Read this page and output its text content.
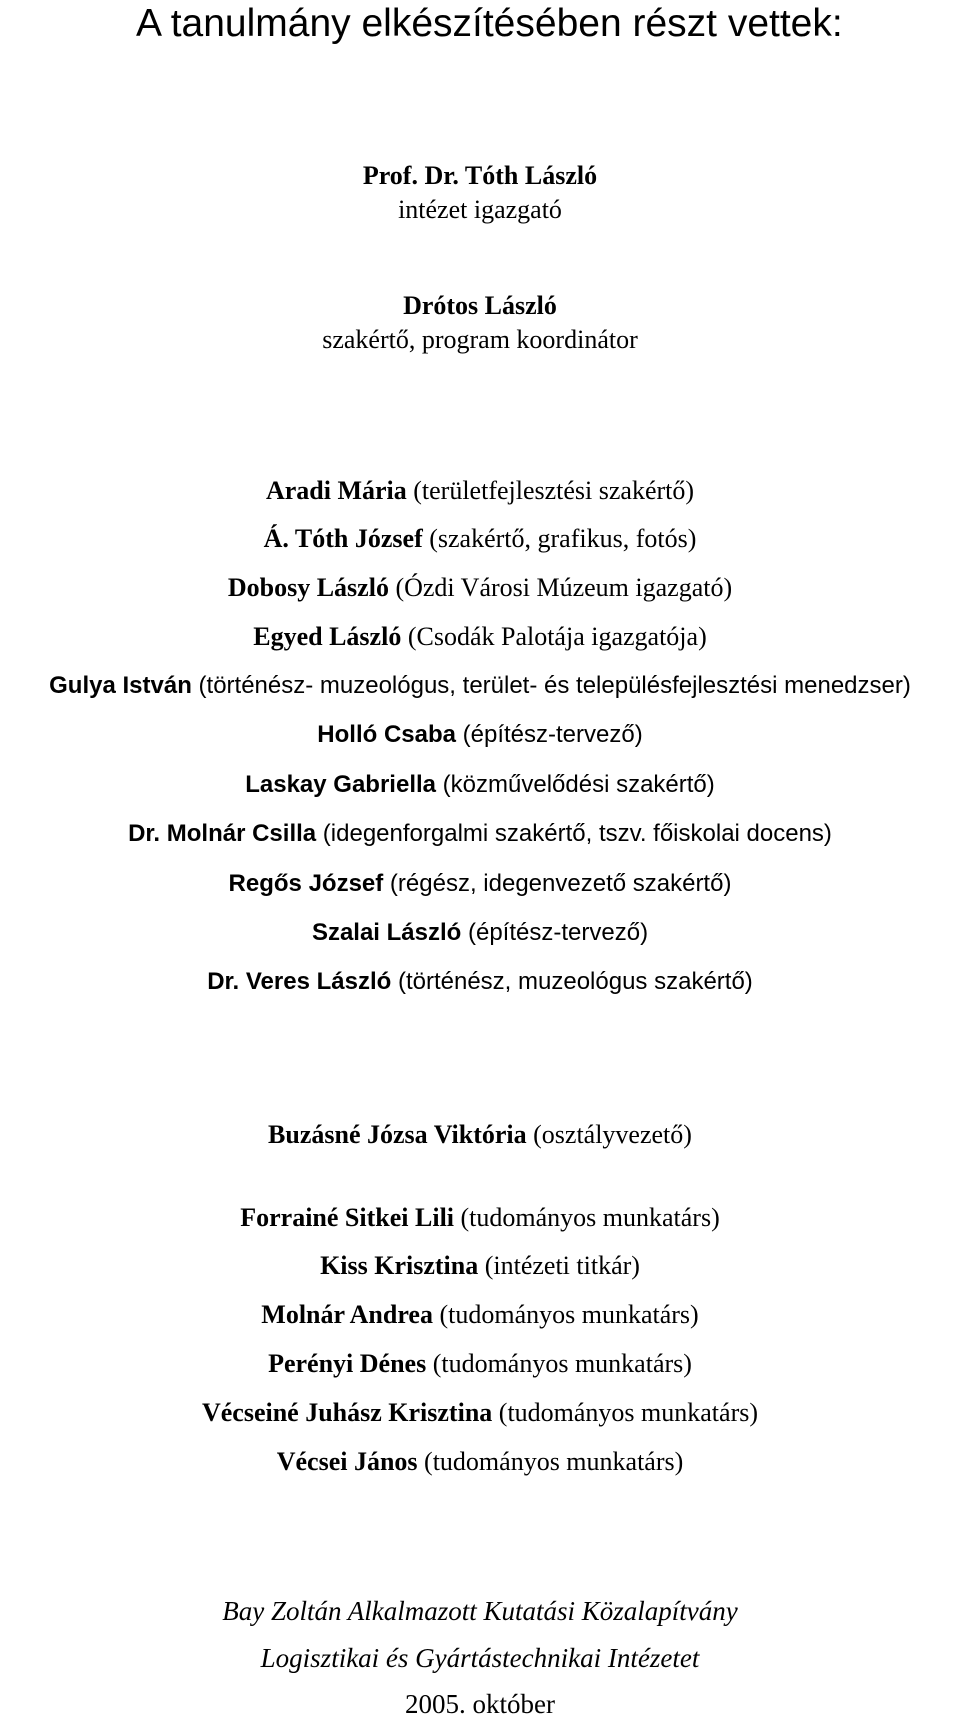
A tanulmány elkészítésében részt vettek:
Prof. Dr. Tóth László
intézet igazgató
Drótos László
szakértő, program koordinátor
Aradi Mária (területfejlesztési szakértő)
Á. Tóth József (szakértő, grafikus, fotós)
Dobosy László (Ózdi Városi Múzeum igazgató)
Egyed László (Csodák Palotája igazgatója)
Gulya István (történész- muzeológus, terület- és településfejlesztési menedzser)
Holló Csaba (építész-tervező)
Laskay Gabriella (közművelődési szakértő)
Dr. Molnár Csilla (idegenforgalmi szakértő, tszv. főiskolai docens)
Regős József (régész, idegenvezető szakértő)
Szalai László (építész-tervező)
Dr. Veres László (történész, muzeológus szakértő)
Buzásné Józsa Viktória (osztályvezető)
Forrainé Sitkei Lili (tudományos munkatárs)
Kiss Krisztina (intézeti titkár)
Molnár Andrea (tudományos munkatárs)
Perényi Dénes (tudományos munkatárs)
Vécseiné Juhász Krisztina (tudományos munkatárs)
Vécsei János (tudományos munkatárs)
Bay Zoltán Alkalmazott Kutatási Közalapítvány
Logisztikai és Gyártástechnikai Intézetet
2005. október
